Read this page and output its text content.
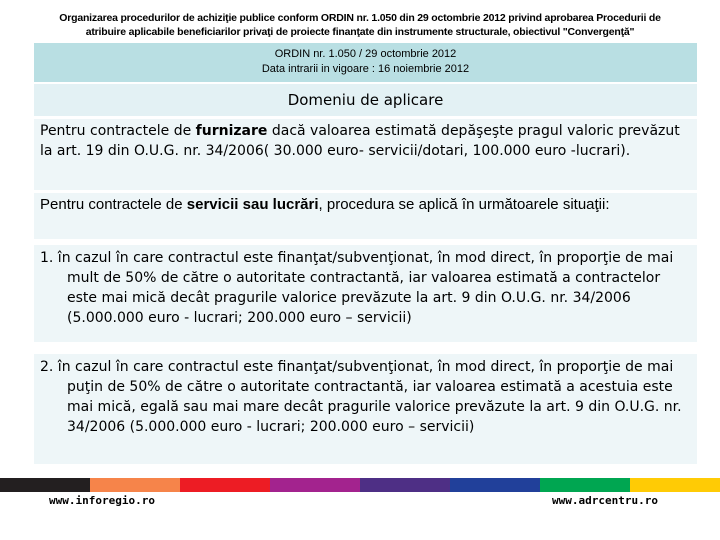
Organizarea procedurilor de achiziţie publice conform ORDIN nr. 1.050 din 29 octombrie 2012 privind aprobarea Procedurii de
atribuire aplicabile beneficiarilor privaţi de proiecte finanţate din instrumente structurale, obiectivul "Convergenţă"
ORDIN nr. 1.050 / 29 octombrie 2012
Data intrarii in vigoare : 16 noiembrie 2012
Domeniu de aplicare
Pentru contractele de furnizare dacă valoarea estimată depăşeşte pragul valoric prevăzut la art. 19 din O.U.G. nr. 34/2006( 30.000 euro- servicii/dotari, 100.000 euro -lucrari).
Pentru contractele de servicii sau lucrări, procedura se aplică în următoarele situaţii:
1. în cazul în care contractul este finanţat/subvenţionat, în mod direct, în proporţie de mai mult de 50% de către o autoritate contractantă, iar valoarea estimată a contractelor este mai mică decât pragurile valorice prevăzute la art. 9 din O.U.G. nr. 34/2006 (5.000.000 euro - lucrari; 200.000 euro – servicii)
2. în cazul în care contractul este finanţat/subvenţionat, în mod direct, în proporţie de mai puţin de 50% de către o autoritate contractantă, iar valoarea estimată a acestuia este mai mică, egală sau mai mare decât pragurile valorice prevăzute la art. 9 din O.U.G. nr. 34/2006 (5.000.000 euro - lucrari; 200.000 euro – servicii)
www.inforegio.ro	www.adrcentru.ro
